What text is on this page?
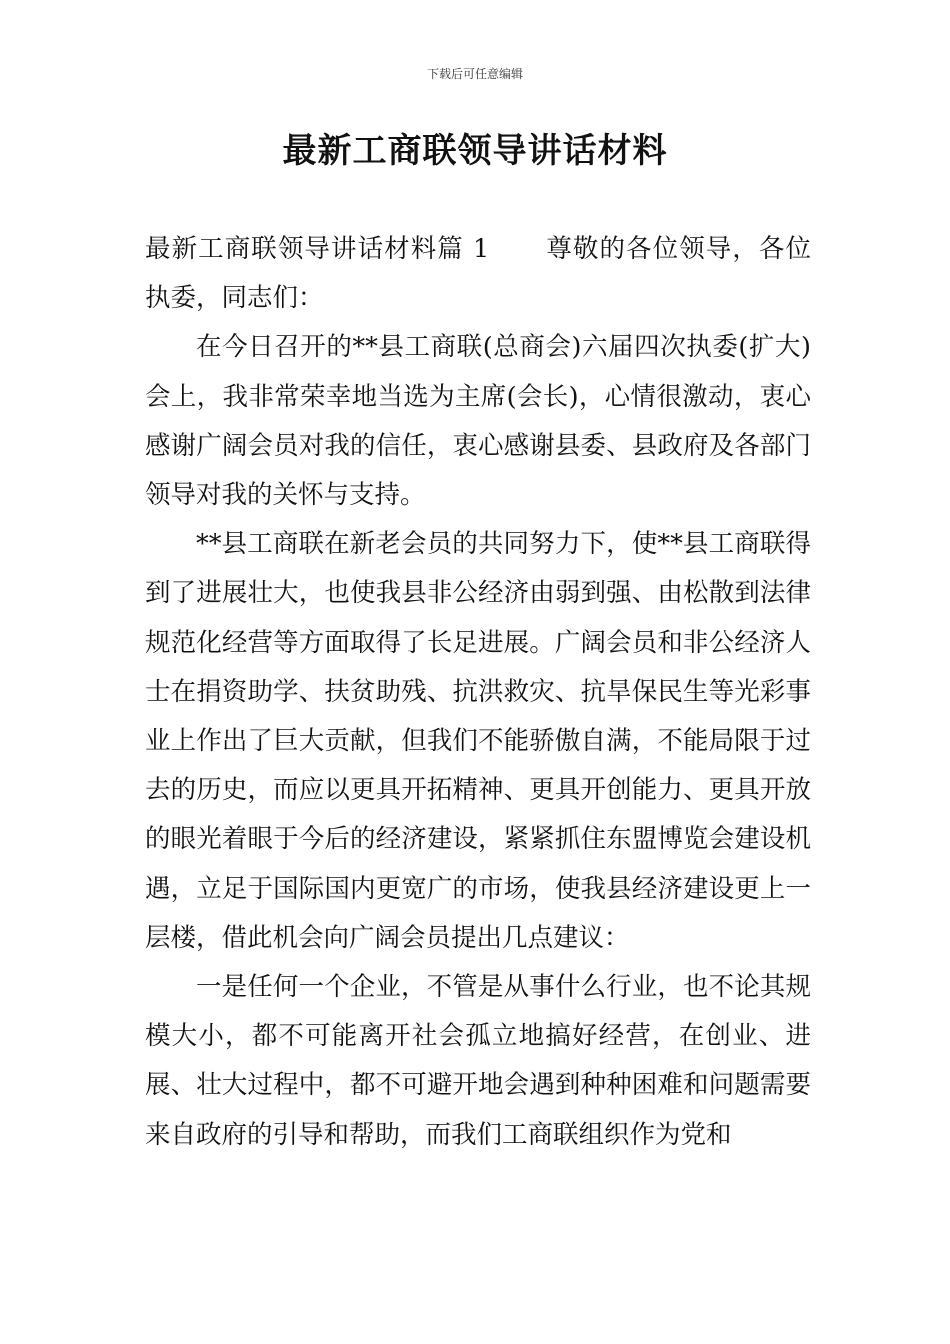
下载后可任意编辑
最新工商联领导讲话材料

最新工商联领导讲话材料篇 1 尊敬的各位领导，各位执委，同志们：

在今日召开的**县工商联(总商会)六届四次执委(扩大)会上，我非常荣幸地当选为主席(会长)，心情很激动，衷心感谢广阔会员对我的信任，衷心感谢县委、县政府及各部门领导对我的关怀与支持。

**县工商联在新老会员的共同努力下，使**县工商联得到了进展壮大，也使我县非公经济由弱到强、由松散到法律规范化经营等方面取得了长足进展。广阔会员和非公经济人士在捐资助学、扶贫助残、抗洪救灾、抗旱保民生等光彩事业上作出了巨大贡献，但我们不能骄傲自满，不能局限于过去的历史，而应以更具开拓精神、更具开创能力、更具开放的眼光着眼于今后的经济建设，紧紧抓住东盟博览会建设机遇，立足于国际国内更宽广的市场，使我县经济建设更上一层楼，借此机会向广阔会员提出几点建议：

一是任何一个企业，不管是从事什么行业，也不论其规模大小，都不可能离开社会孤立地搞好经营，在创业、进展、壮大过程中，都不可避开地会遇到种种困难和问题需要来自政府的引导和帮助，而我们工商联组织作为党和
